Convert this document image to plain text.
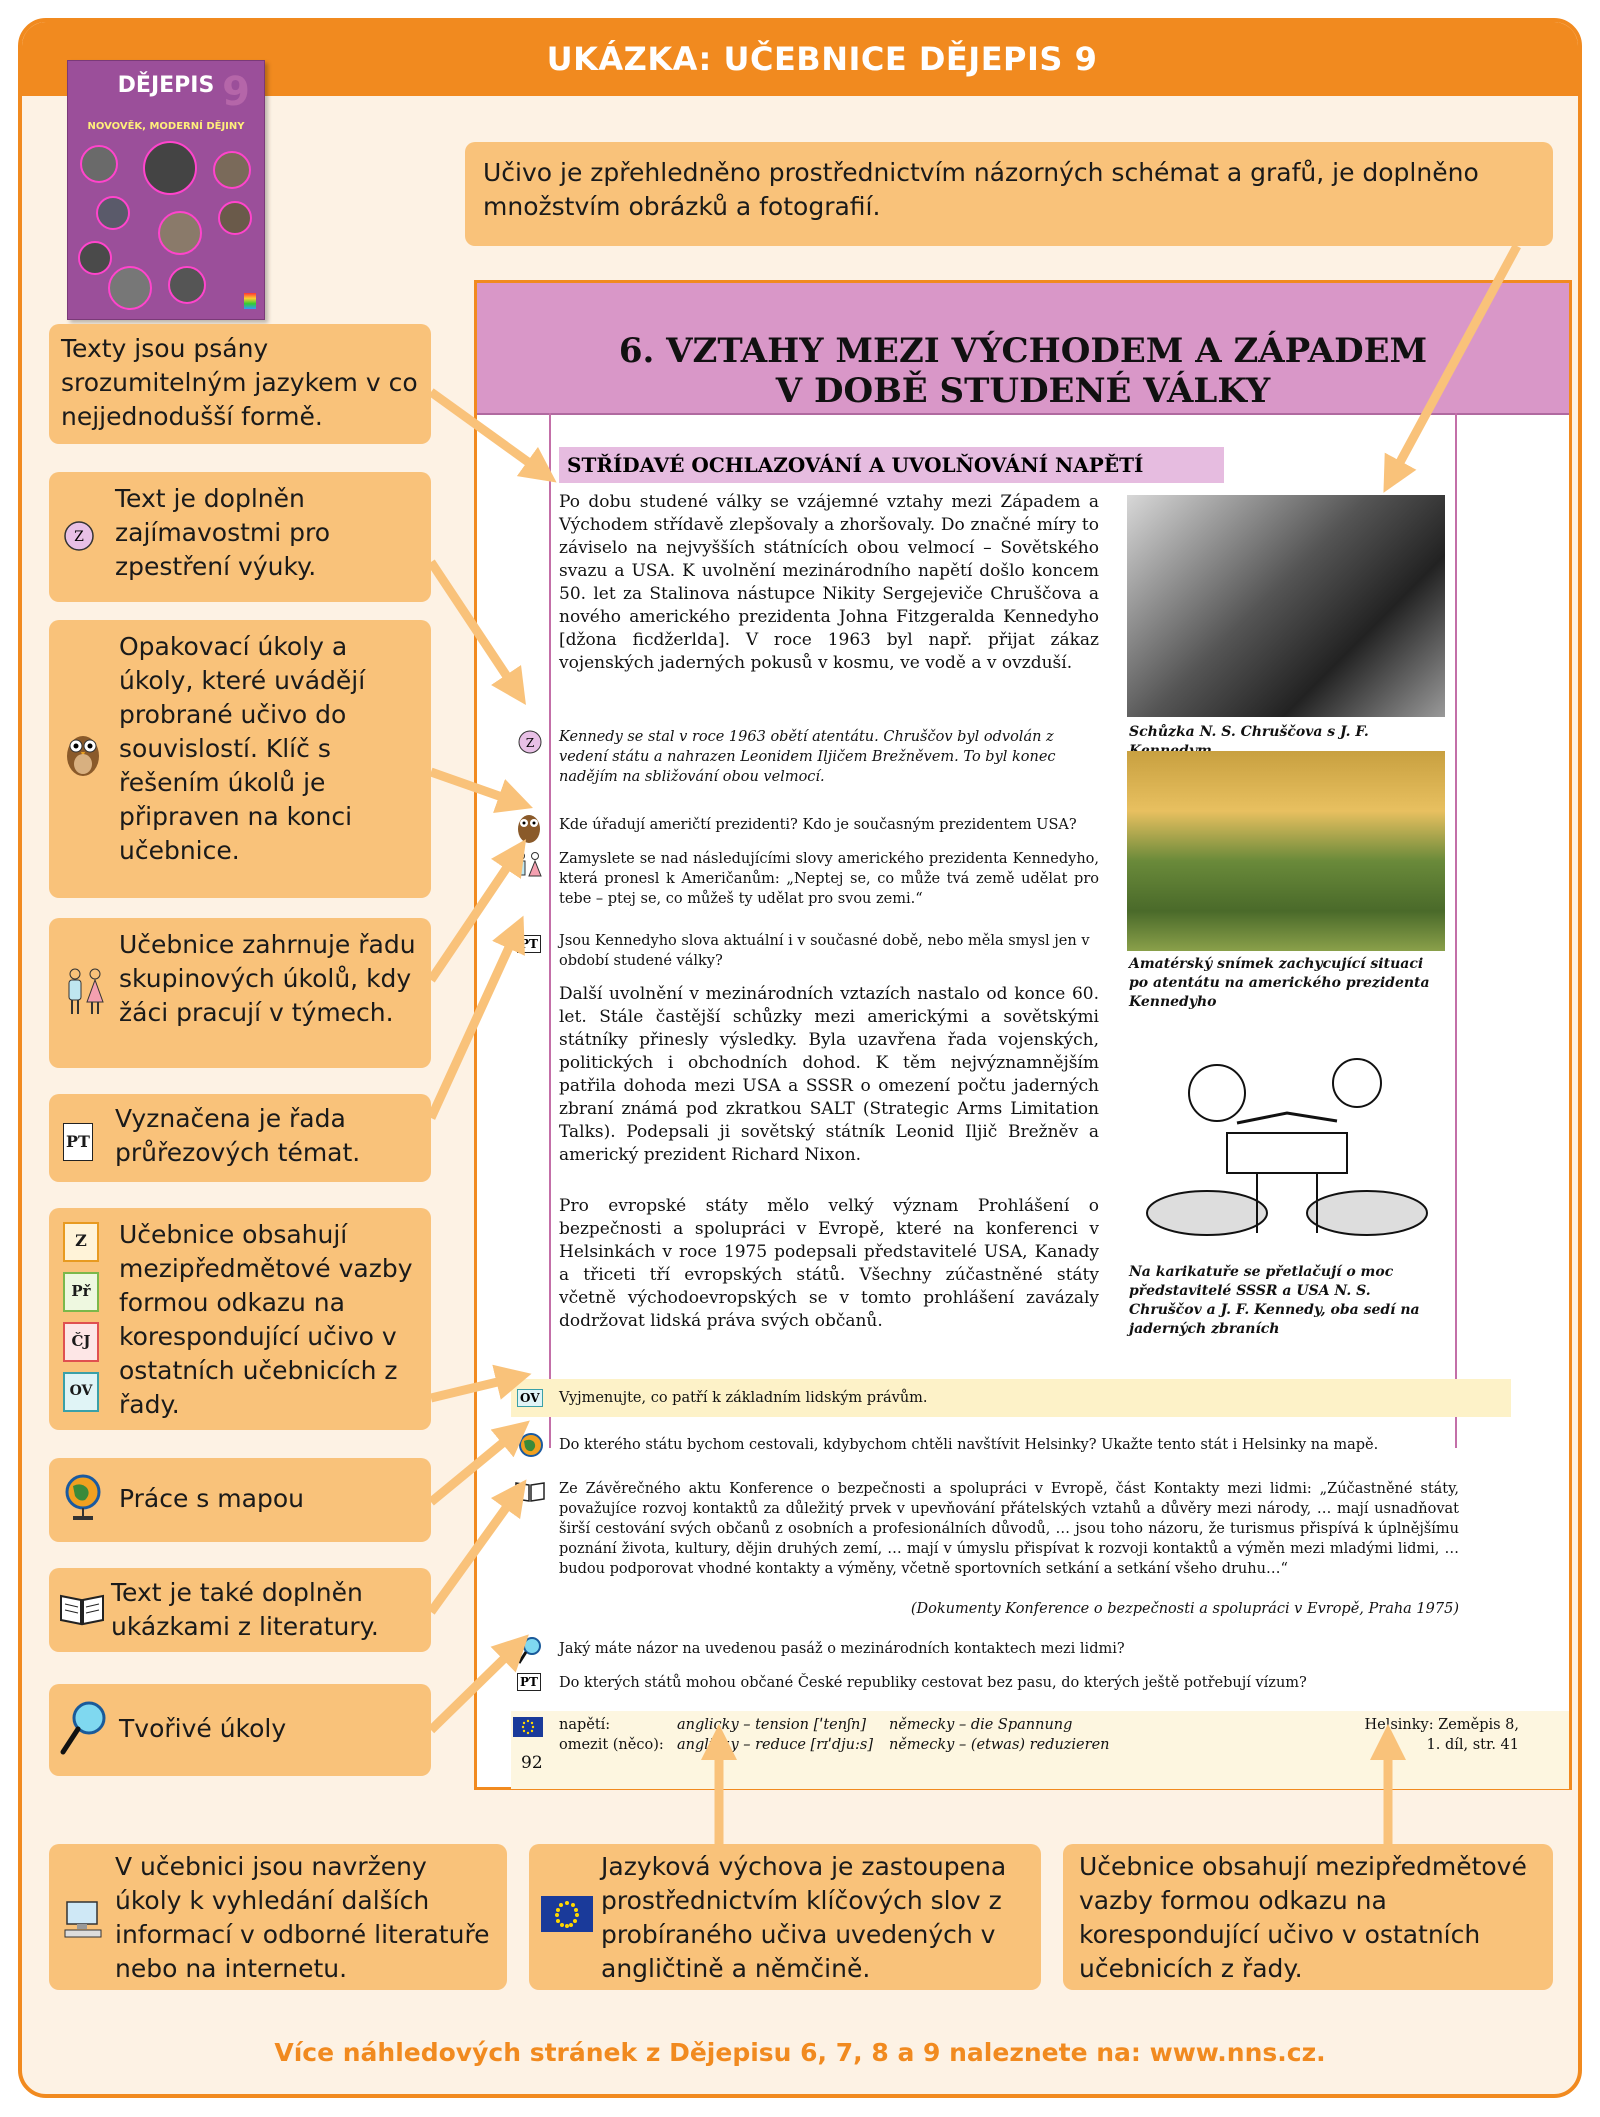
UKÁZKA: UČEBNICE DĚJEPIS 9
DĚJEPIS 9
NOVOVĚK, MODERNÍ DĚJINY
Učivo je zpřehledněno prostřednictvím názorných schémat a grafů, je doplněno množstvím obrázků a fotografií.
Texty jsou psány srozumitelným jazykem v co nejjednodušší formě.
Z
Text je doplněn zajímavostmi pro zpestření výuky.
Opakovací úkoly a úkoly, které uvádějí probrané učivo do souvislostí. Klíč s řešením úkolů je připraven na konci učebnice.
Učebnice zahrnuje řadu skupinových úkolů, kdy žáci pracují v týmech.
PT
Vyznačena je řada průřezových témat.
Z
Př
ČJ
OV
Učebnice obsahují mezipředmětové vazby formou odkazu na korespondující učivo v ostatních učebnicích z řady.
Práce s mapou
Text je také doplněn ukázkami z literatury.
Tvořivé úkoly
V učebnici jsou navrženy úkoly k vyhledání dalších informací v odborné literatuře nebo na internetu.
Jazyková výchova je zastoupena prostřednictvím klíčových slov z probíraného učiva uvedených v angličtině a němčině.
Učebnice obsahují mezipředmětové vazby formou odkazu na korespondující učivo v ostatních učebnicích z řady.
6. VZTAHY MEZI VÝCHODEM A ZÁPADEM
V DOBĚ STUDENÉ VÁLKY
STŘÍDAVÉ OCHLAZOVÁNÍ A UVOLŇOVÁNÍ NAPĚTÍ
Po dobu studené války se vzájemné vztahy mezi Západem a Východem střídavě zlepšovaly a zhoršovaly. Do značné míry to záviselo na nejvyšších státnících obou velmocí – Sovětského svazu a USA. K uvolnění mezinárodního napětí došlo koncem 50. let za Stalinova nástupce Nikity Sergejeviče Chruščova a nového amerického prezidenta Johna Fitzgeralda Kennedyho [džona ficdžerlda]. V roce 1963 byl např. přijat zákaz vojenských jaderných pokusů v kosmu, ve vodě a v ovzduší.
Z Kennedy se stal v roce 1963 obětí atentátu. Chruščov byl odvolán z vedení státu a nahrazen Leonidem Iljičem Brežněvem. To byl konec nadějím na sbližování obou velmocí.
Kde úřadují američtí prezidenti? Kdo je současným prezidentem USA?
Zamyslete se nad následujícími slovy amerického prezidenta Kennedyho, která pronesl k Američanům: „Neptej se, co může tvá země udělat pro tebe – ptej se, co můžeš ty udělat pro svou zemi.“
PT	Jsou Kennedyho slova aktuální i v současné době, nebo měla smysl jen v období studené války?
Další uvolnění v mezinárodních vztazích nastalo od konce 60. let. Stále častější schůzky mezi americkými a sovětskými státníky přinesly výsledky. Byla uzavřena řada vojenských, politických i obchodních dohod. K těm nejvýznamnějším patřila dohoda mezi USA a SSSR o omezení počtu jaderných zbraní známá pod zkratkou SALT (Strategic Arms Limitation Talks). Podepsali ji sovětský státník Leonid Iljič Brežněv a americký prezident Richard Nixon.
Pro evropské státy mělo velký význam Prohlášení o bezpečnosti a spolupráci v Evropě, které na konferenci v Helsinkách v roce 1975 podepsali představitelé USA, Kanady a třiceti tří evropských států. Všechny zúčastněné státy včetně východoevropských se v tomto prohlášení zavázaly dodržovat lidská práva svých občanů.
Schůzka N. S. Chruščova s J. F.
Amatérský snímek zachycující situaci po atentátu na amerického prezidenta Kennedyho
Na karikatuře se přetlačují o moc představitelé SSSR a USA N. S. Chruščov a J. F. Kennedy, oba sedí na jaderných zbraních
OV Vyjmenujte, co patří k základním lidským právům.
Do kterého státu bychom cestovali, kdybychom chtěli navštívit Helsinky? Ukažte tento stát i Helsinky na mapě.
Ze Závěrečného aktu Konference o bezpečnosti a spolupráci v Evropě, část Kontakty mezi lidmi: „Zúčastněné státy, považujíce rozvoj kontaktů za důležitý prvek v upevňování přátelských vztahů a důvěry mezi národy, … mají usnadňovat širší cestování svých občanů z osobních a profesionálních důvodů, … jsou toho názoru, že turismus přispívá k úplnějšímu poznání života, kultury, dějin druhých zemí, … mají v úmyslu přispívat k rozvoji kontaktů a výměn mezi mladými lidmi, … budou podporovat vhodné kontakty a výměny, včetně sportovních setkání a setkání všeho druhu…“
(Dokumenty Konference o bezpečnosti a spolupráci v Evropě, Praha 1975)
Jaký máte názor na uvedenou pasáž o mezinárodních kontaktech mezi lidmi?
PT	Do kterých států mohou občané České republiky cestovat bez pasu, do kterých ještě potřebují vízum?
92
napětí:	anglicky – tension [ˈtenʃn] německy – die Spannung
omezit (něco): anglicky – reduce [rɪˈdju:s] německy – (etwas) reduzieren
Helsinky: Zeměpis 8,
1. díl, str. 41
Více náhledových stránek z Dějepisu 6, 7, 8 a 9 naleznete na: www.nns.cz.
